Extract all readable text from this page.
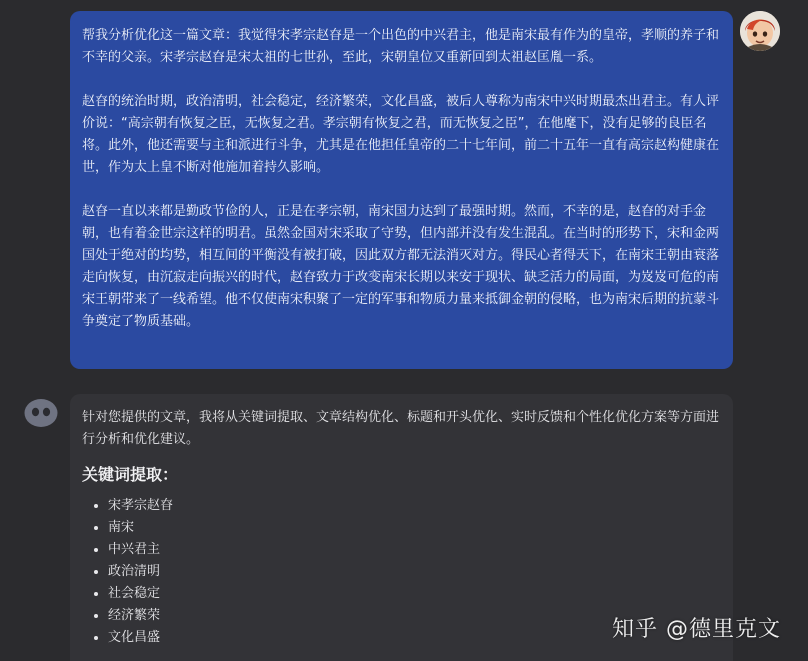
帮我分析优化这一篇文章：我觉得宋孝宗赵昚是一个出色的中兴君主，他是南宋最有作为的皇帝，孝顺的养子和不幸的父亲。宋孝宗赵昚是宋太祖的七世孙，至此，宋朝皇位又重新回到太祖赵匡胤一系。

赵昚的统治时期，政治清明，社会稳定，经济繁荣，文化昌盛，被后人尊称为南宋中兴时期最杰出君主。有人评价说：“高宗朝有恢复之臣，无恢复之君。孝宗朝有恢复之君，而无恢复之臣”，在他麾下，没有足够的良臣名将。此外，他还需要与主和派进行斗争，尤其是在他担任皇帝的二十七年间，前二十五年一直有高宗赵构健康在世，作为太上皇不断对他施加着持久影响。

赵昚一直以来都是勤政节俭的人，正是在孝宗朝，南宋国力达到了最强时期。然而，不幸的是，赵昚的对手金朝，也有着金世宗这样的明君。虽然金国对宋采取了守势，但内部并没有发生混乱。在当时的形势下，宋和金两国处于绝对的均势，相互间的平衡没有被打破，因此双方都无法消灭对方。得民心者得天下，在南宋王朝由衰落走向恢复，由沉寂走向振兴的时代，赵昚致力于改变南宋长期以来安于现状、缺乏活力的局面，为岌岌可危的南宋王朝带来了一线希望。他不仅使南宋积聚了一定的军事和物质力量来抵御金朝的侵略，也为南宋后期的抗蒙斗争奠定了物质基础。

针对您提供的文章，我将从关键词提取、文章结构优化、标题和开头优化、实时反馈和个性化优化方案等方面进行分析和优化建议。

关键词提取：
• 宋孝宗赵昚
• 南宋
• 中兴君主
• 政治清明
• 社会稳定
• 经济繁荣
• 文化昌盛	知乎 @德里克文
